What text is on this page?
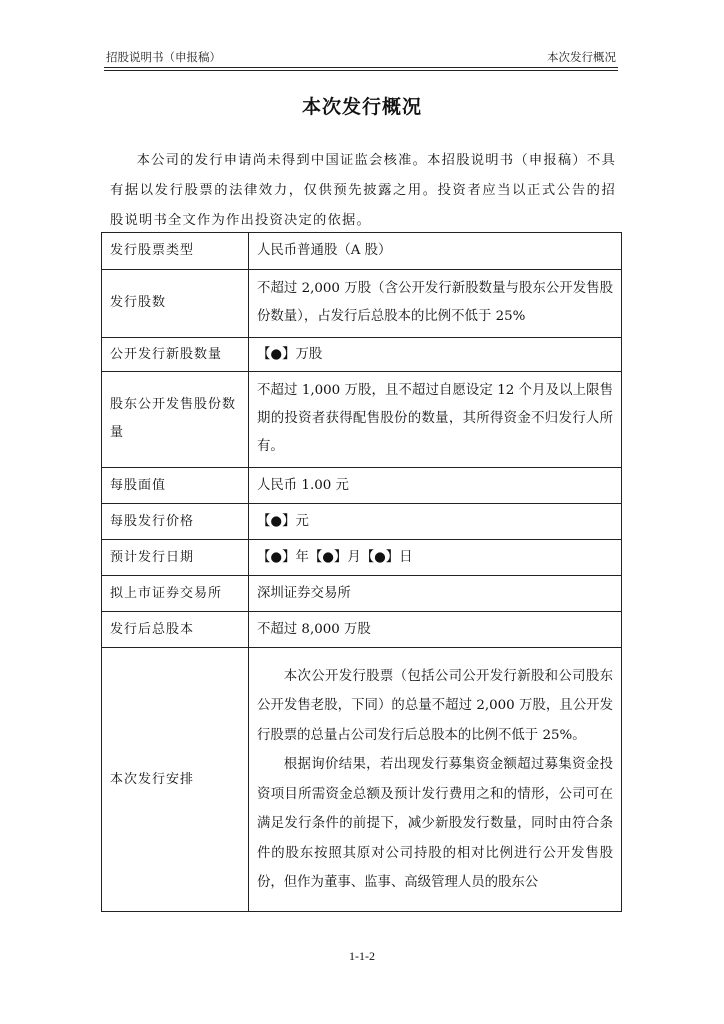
招股说明书（申报稿）	本次发行概况
本次发行概况

本公司的发行申请尚未得到中国证监会核准。本招股说明书（申报稿）不具有据以发行股票的法律效力，仅供预先披露之用。投资者应当以正式公告的招股说明书全文作为作出投资决定的依据。

发行股票类型	人民币普通股（A 股）
发行股数	不超过 2,000 万股（含公开发行新股数量与股东公开发售股份数量），占发行后总股本的比例不低于 25%
公开发行新股数量	【●】万股
股东公开发售股份数量	不超过 1,000 万股，且不超过自愿设定 12 个月及以上限售期的投资者获得配售股份的数量，其所得资金不归发行人所有。
每股面值	人民币 1.00 元
每股发行价格	【●】元
预计发行日期	【●】年【●】月【●】日
拟上市证券交易所	深圳证券交易所
发行后总股本	不超过 8,000 万股
本次发行安排	本次公开发行股票（包括公司公开发行新股和公司股东公开发售老股，下同）的总量不超过 2,000 万股，且公开发行股票的总量占公司发行后总股本的比例不低于 25%。

根据询价结果，若出现发行募集资金额超过募集资金投资项目所需资金总额及预计发行费用之和的情形，公司可在满足发行条件的前提下，减少新股发行数量，同时由符合条件的股东按照其原对公司持股的相对比例进行公开发售股份，但作为董事、监事、高级管理人员的股东公

1-1-2
